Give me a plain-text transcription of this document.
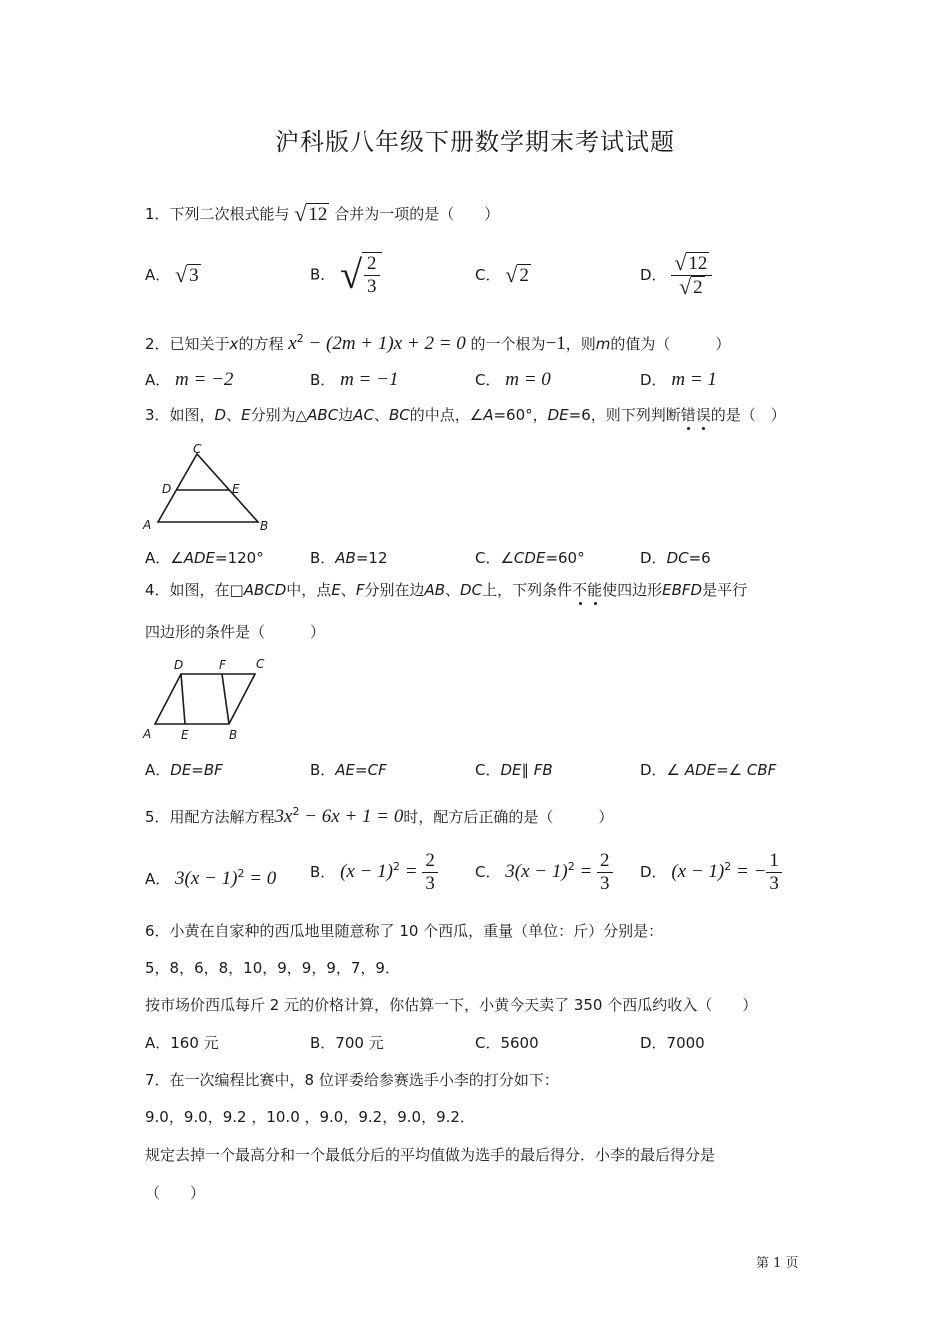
沪科版八年级下册数学期末考试试题
1．下列二次根式能与 √ 12 合并为一项的是（　　）
A． √ 3	B． √ $\frac{2}{3}$	C． √ 2	D． $\frac{√ 12}{√ 2}$
2．已知关于x的方程 $x^2 - (2m + 1)x + 2 = 0$ 的一个根为−1，则m的值为（　　　）
A． m = −2	B． m = −1	C． m = 0	D． m = 1
3．如图，D、E分别为△ABC边AC、BC的中点，∠A=60°，DE=6，则下列判断错误的是（　）
C
D	E
A	B
A．∠ADE=120°	B．AB=12	C．∠CDE=60°	D．DC=6
4．如图，在□ABCD中，点E、F分别在边AB、DC上，下列条件不能使四边形EBFD是平行
四边形的条件是（　　　）
D	F	C
A E	B
A．DE=BF	B．AE=CF	C．DE∥ FB	D．∠ ADE=∠ CBF
5．用配方法解方程$3x^2 - 6x + 1 = 0$时，配方后正确的是（　　　）
A． $3(x - 1)^2 = 0$ B． $(x - 1)^2 = \frac{2}{3}$ C． $3(x - 1)^2 = \frac{2}{3}$ D． $(x - 1)^2$ = − $\frac{1}{3}$
6．小黄在自家种的西瓜地里随意称了 10 个西瓜，重量（单位：斤）分别是：
5，8，6，8，10，9，9，9，7，9．
按市场价西瓜每斤 2 元的价格计算，你估算一下，小黄今天卖了 350 个西瓜约收入（　　）
A．160 元	B．700 元	C．5600	D．7000
7．在一次编程比赛中，8 位评委给参赛选手小李的打分如下：
9.0，9.0，9.2 ，10.0 ，9.0，9.2，9.0，9.2．
规定去掉一个最高分和一个最低分后的平均值做为选手的最后得分．小李的最后得分是
（　　）
第 1 页
